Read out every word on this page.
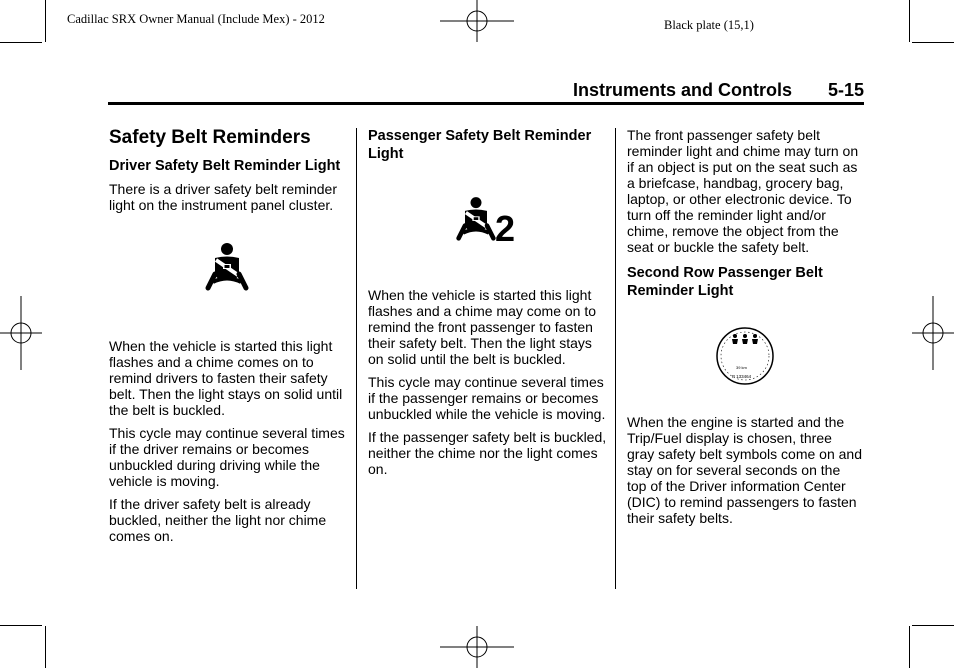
Cadillac SRX Owner Manual (Include Mex) - 2012	Black plate (15,1)
Instruments and Controls 5-15
Safety Belt Reminders
Driver Safety Belt Reminder Light

There is a driver safety belt reminder light on the instrument panel cluster.

When the vehicle is started this light flashes and a chime comes on to remind drivers to fasten their safety belt. Then the light stays on solid until the belt is buckled.

This cycle may continue several times if the driver remains or becomes unbuckled during driving while the vehicle is moving.

If the driver safety belt is already buckled, neither the light nor chime comes on.

Passenger Safety Belt Reminder Light
2

When the vehicle is started this light flashes and a chime may come on to remind the front passenger to fasten their safety belt. Then the light stays on solid until the belt is buckled.

This cycle may continue several times if the passenger remains or becomes unbuckled while the vehicle is moving.

If the passenger safety belt is buckled, neither the chime nor the light comes on.

The front passenger safety belt reminder light and chime may turn on if an object is put on the seat such as a briefcase, handbag, grocery bag, laptop, or other electronic device. To turn off the reminder light and/or chime, remove the object from the seat or buckle the safety belt.

Second Row Passenger Belt Reminder Light
39 km
P 133464

When the engine is started and the Trip/Fuel display is chosen, three gray safety belt symbols come on and stay on for several seconds on the top of the Driver information Center (DIC) to remind passengers to fasten their safety belts.
